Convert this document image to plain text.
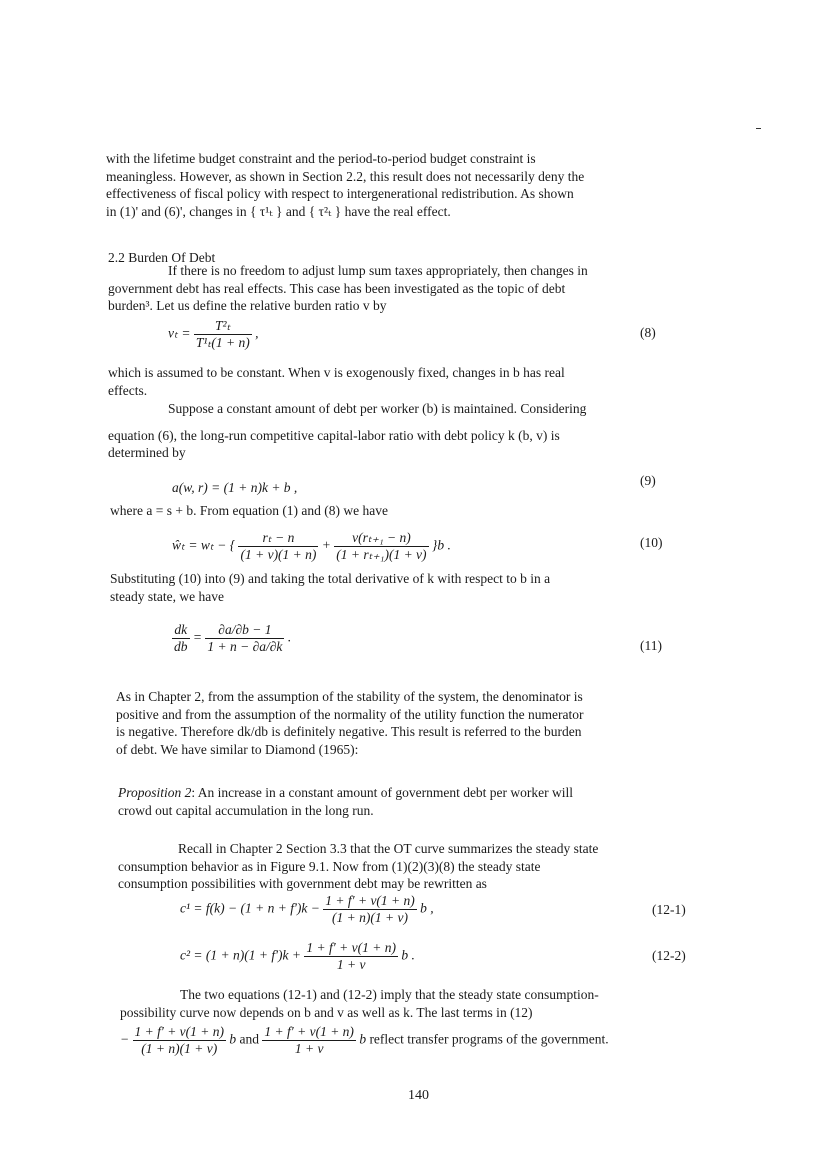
with the lifetime budget constraint and the period-to-period budget constraint is
meaningless. However, as shown in Section 2.2, this result does not necessarily deny the
effectiveness of fiscal policy with respect to intergenerational redistribution. As shown
in (1)' and (6)', changes in { τ¹ₜ } and { τ²ₜ } have the real effect.
2.2 Burden Of Debt
If there is no freedom to adjust lump sum taxes appropriately, then changes in
government debt has real effects. This case has been investigated as the topic of debt
burden³. Let us define the relative burden ratio v by
$v_t = \frac{\text{T²ₜ}}{\text{T¹ₜ(1 + n)}}$ ,	(8)
which is assumed to be constant. When v is exogenously fixed, changes in b has real
effects.
Suppose a constant amount of debt per worker (b) is maintained. Considering
equation (6), the long-run competitive capital-labor ratio with debt policy k (b, v) is
determined by
a(w, r) = (1 + n)k + b ,	(9)
where a = s + b. From equation (1) and (8) we have
ŵₜ = wₜ − { $\frac{\text{rₜ − n}}{(1 + v)(1 + n)} + \frac{\text{v(rₜ₊₁ − n)}}{\text{(1 + rₜ₊₁)(1 + v)}} \}b$ .	(10)
Substituting (10) into (9) and taking the total derivative of k with respect to b in a
steady state, we have
$\frac{dk}{db} = \frac{\partial a/\partial b - 1}{1 + n - \partial a/\partial k}$ .
(11)
As in Chapter 2, from the assumption of the stability of the system, the denominator is
positive and from the assumption of the normality of the utility function the numerator
is negative. Therefore dk/db is definitely negative. This result is referred to the burden
of debt. We have similar to Diamond (1965):
Proposition 2: An increase in a constant amount of government debt per worker will
crowd out capital accumulation in the long run.
Recall in Chapter 2 Section 3.3 that the OT curve summarizes the steady state
consumption behavior as in Figure 9.1. Now from (1)(2)(3)(8) the steady state
consumption possibilities with government debt may be rewritten as
$c^1 = f(k) - (1 + n + f')k - \frac{1 + f' + v(1 + n)}{(1 + n)(1 + v)}$ b ,	(12-1)
$c^2 = (1 + n)(1 + f')k + \frac{1 + f' + v(1 + n)}{1 + v}$ b .	(12-2)
The two equations (12-1) and (12-2) imply that the steady state consumption-
possibility curve now depends on b and v as well as k. The last terms in (12)
− $\frac{1 + f' + v(1 + n)}{(1 + n)(1 + v)}$ b and $\frac{1 + f' + v(1 + n)}{1 + v}$ b reflect transfer programs of the government.
140
